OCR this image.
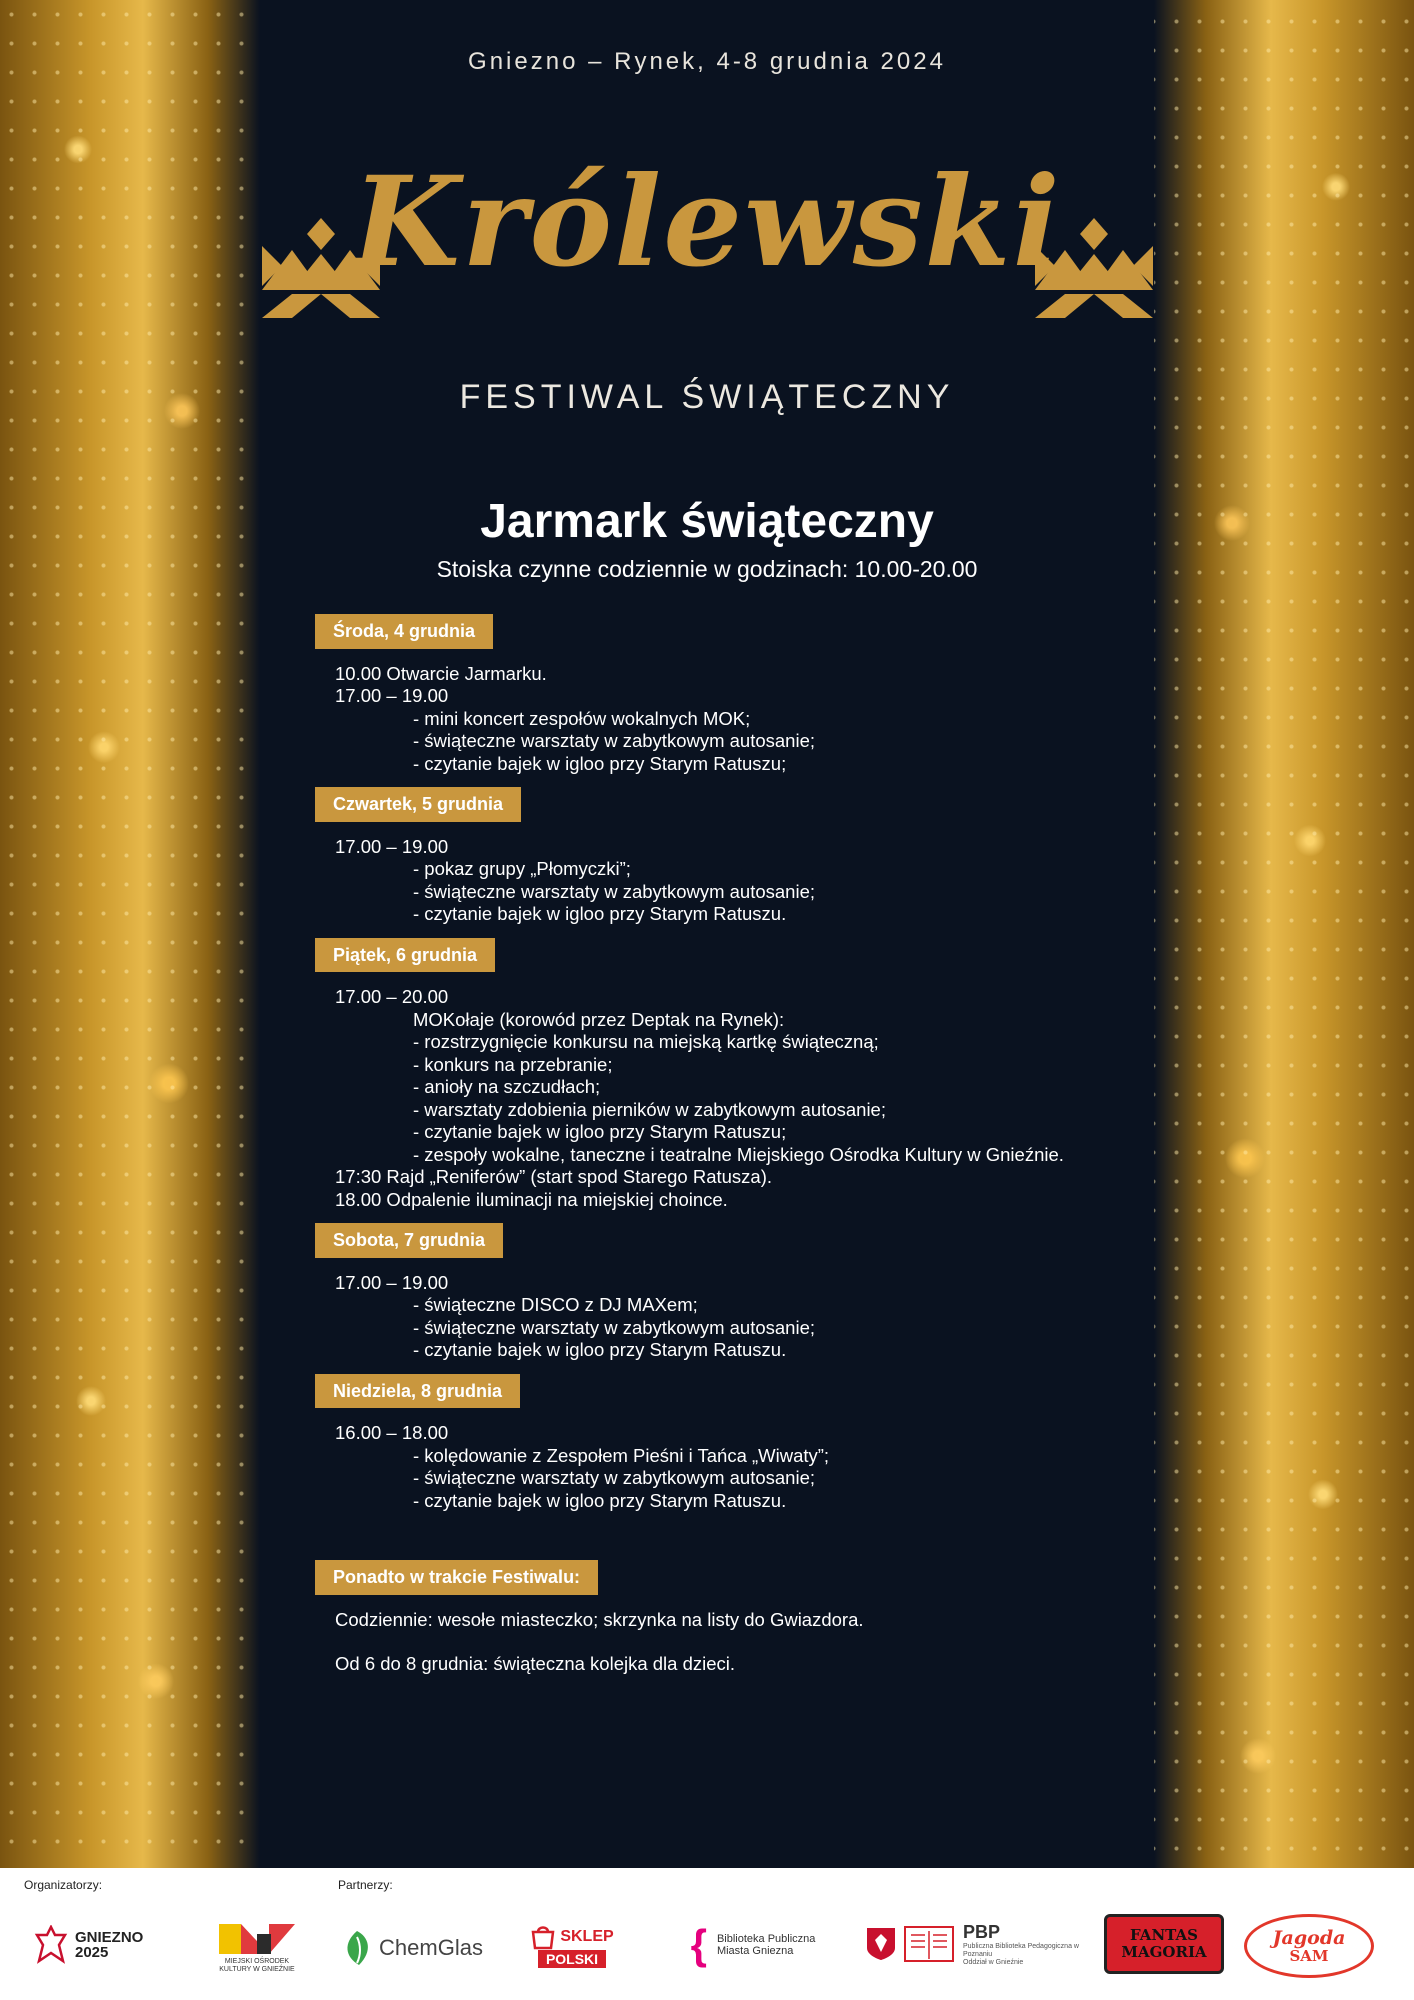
Gniezno – Rynek, 4-8 grudnia 2024
Królewski
FESTIWAL ŚWIĄTECZNY
Jarmark świąteczny
Stoiska czynne codziennie w godzinach: 10.00-20.00
Środa, 4 grudnia
10.00 Otwarcie Jarmarku.
17.00 – 19.00
- mini koncert zespołów wokalnych MOK;
- świąteczne warsztaty w zabytkowym autosanie;
- czytanie bajek w igloo przy Starym Ratuszu;
Czwartek, 5 grudnia
17.00 – 19.00
- pokaz grupy „Płomyczki”;
- świąteczne warsztaty w zabytkowym autosanie;
- czytanie bajek w igloo przy Starym Ratuszu.
Piątek, 6 grudnia
17.00 – 20.00
MOKołaje (korowód przez Deptak na Rynek):
- rozstrzygnięcie konkursu na miejską kartkę świąteczną;
- konkurs na przebranie;
- anioły na szczudłach;
- warsztaty zdobienia pierników w zabytkowym autosanie;
- czytanie bajek w igloo przy Starym Ratuszu;
- zespoły wokalne, taneczne i teatralne Miejskiego Ośrodka Kultury w Gnieźnie.
17:30 Rajd „Reniferów” (start spod Starego Ratusza).
18.00 Odpalenie iluminacji na miejskiej choince.
Sobota, 7 grudnia
17.00 – 19.00
- świąteczne DISCO z DJ MAXem;
- świąteczne warsztaty w zabytkowym autosanie;
- czytanie bajek w igloo przy Starym Ratuszu.
Niedziela, 8 grudnia
16.00 – 18.00
- kolędowanie z Zespołem Pieśni i Tańca „Wiwaty”;
- świąteczne warsztaty w zabytkowym autosanie;
- czytanie bajek w igloo przy Starym Ratuszu.
Ponadto w trakcie Festiwalu:

Codziennie: wesołe miasteczko; skrzynka na listy do Gwiazdora.

Od 6 do 8 grudnia: świąteczna kolejka dla dzieci.

Organizatorzy:	Partnerzy:
GNIEZNO 2025
MIEJSKI OŚRODEK KULTURY W GNIEŹNIE
ChemGlas	SKLEP
POLSKI { Biblioteka Publiczna
Miasta Gniezna
PBP
Publiczna Biblioteka Pedagogiczna w Poznaniu
Oddział w Gnieźnie
FANTAS MAGORIA
Jagoda
SAM
